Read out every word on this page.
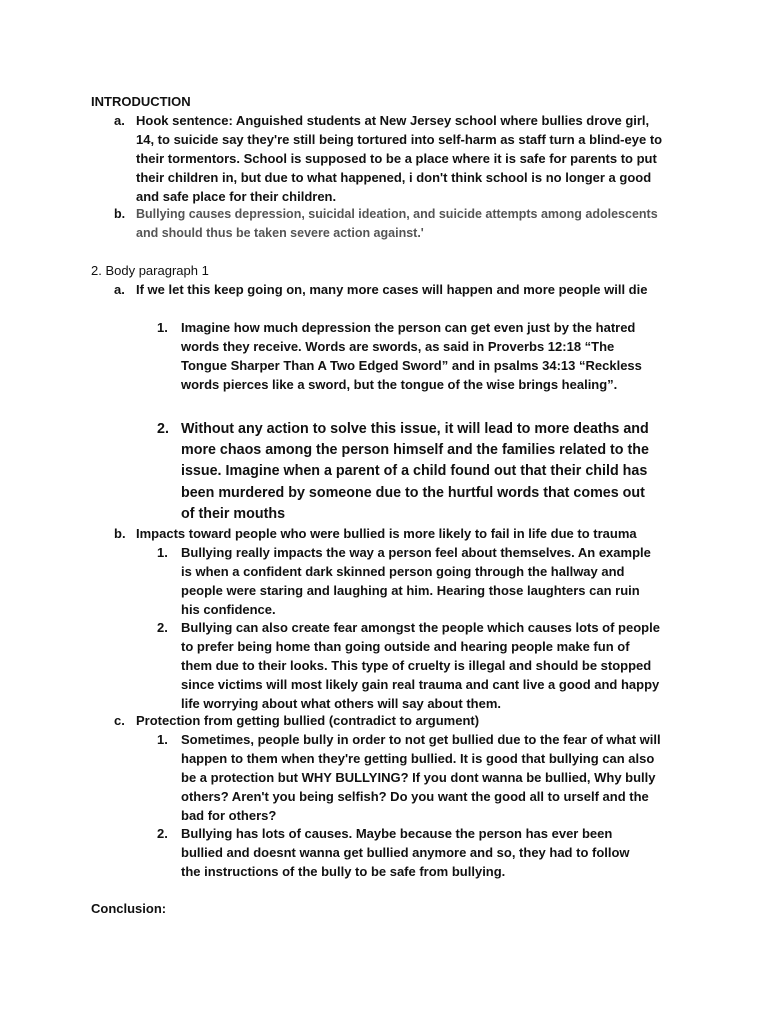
INTRODUCTION

a. Hook sentence: Anguished students at New Jersey school where bullies drove girl, 14, to suicide say they're still being tortured into self-harm as staff turn a blind-eye to their tormentors. School is supposed to be a place where it is safe for parents to put their children in, but due to what happened, i don't think school is no longer a good and safe place for their children.
b. Bullying causes depression, suicidal ideation, and suicide attempts among adolescents and should thus be taken severe action against.'

2. Body paragraph 1

a. If we let this keep going on, many more cases will happen and more people will die
1. Imagine how much depression the person can get even just by the hatred words they receive. Words are swords, as said in Proverbs 12:18 “The Tongue Sharper Than A Two Edged Sword” and in psalms 34:13 “Reckless words pierces like a sword, but the tongue of the wise brings healing”.
2. Without any action to solve this issue, it will lead to more deaths and more chaos among the person himself and the families related to the issue. Imagine when a parent of a child found out that their child has been murdered by someone due to the hurtful words that comes out of their mouths
b. Impacts toward people who were bullied is more likely to fail in life due to trauma
1. Bullying really impacts the way a person feel about themselves. An example is when a confident dark skinned person going through the hallway and people were staring and laughing at him. Hearing those laughters can ruin his confidence.
2. Bullying can also create fear amongst the people which causes lots of people to prefer being home than going outside and hearing people make fun of them due to their looks. This type of cruelty is illegal and should be stopped since victims will most likely gain real trauma and cant live a good and happy life worrying about what others will say about them.
c. Protection from getting bullied (contradict to argument)
1. Sometimes, people bully in order to not get bullied due to the fear of what will happen to them when they're getting bullied. It is good that bullying can also be a protection but WHY BULLYING? If you dont wanna be bullied, Why bully others? Aren't you being selfish? Do you want the good all to urself and the bad for others?
2. Bullying has lots of causes. Maybe because the person has ever been bullied and doesnt wanna get bullied anymore and so, they had to follow the instructions of the bully to be safe from bullying.

Conclusion:
